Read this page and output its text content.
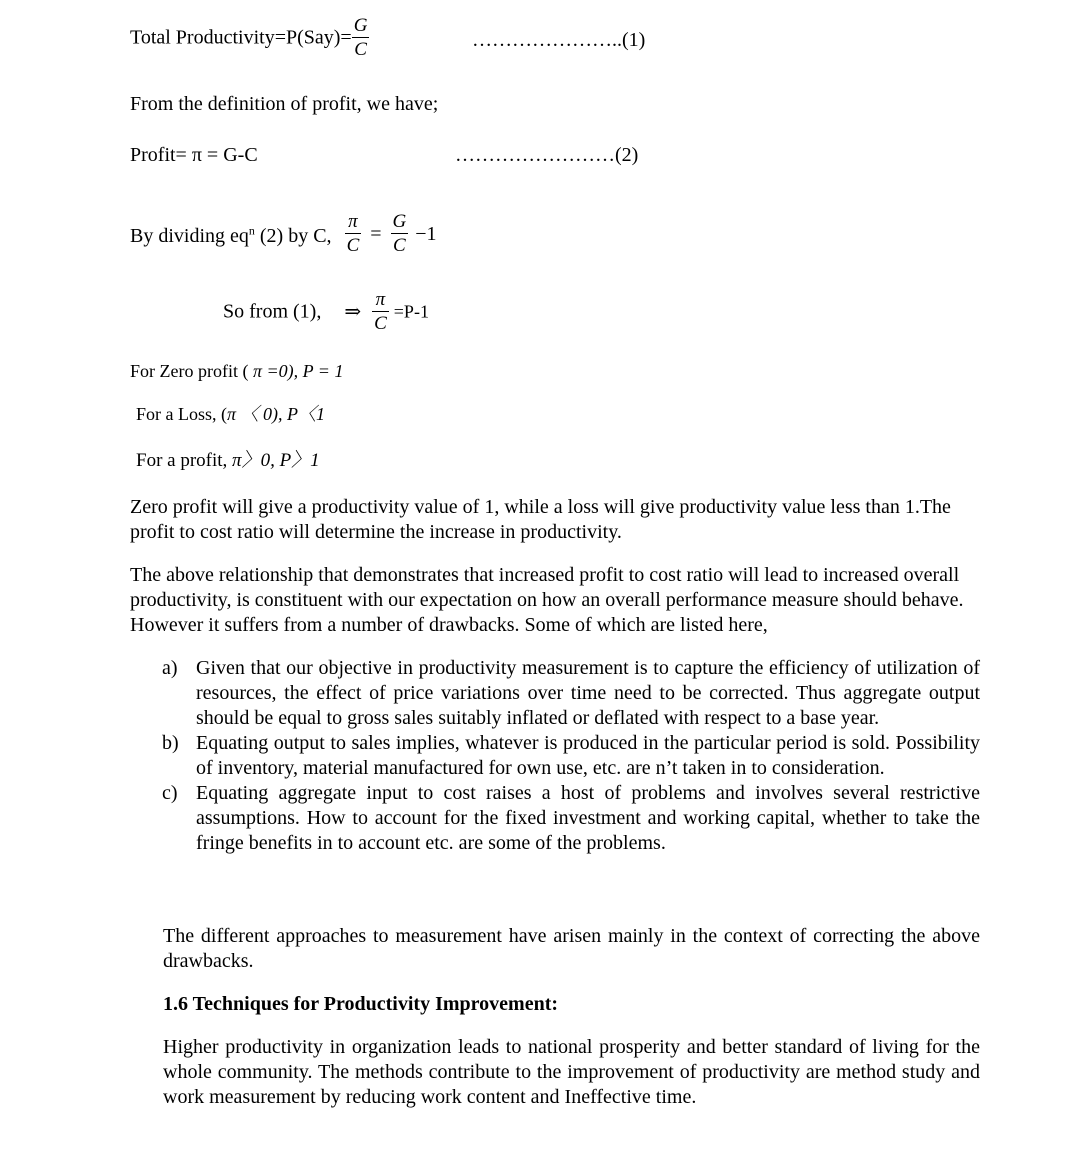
Total Productivity=P(Say)= $\frac{G}{C}$	…………………..(1)
From the definition of profit, we have;
Profit= π = G-C	……………………(2)
By dividing $eq^n$ (2) by C, $\frac{\pi}{C} = \frac{G}{C} -1$
So from (1), ⇒ $\frac{\pi}{C} =P-1$
For Zero profit ( π =0), P = 1
For a Loss, (π 〈 0), P〈1
For a profit, π〉0, P〉1
Zero profit will give a productivity value of 1, while a loss will give productivity value less than 1.The profit to cost ratio will determine the increase in productivity.
The above relationship that demonstrates that increased profit to cost ratio will lead to increased overall productivity, is constituent with our expectation on how an overall performance measure should behave. However it suffers from a number of drawbacks. Some of which are listed here,
a) Given that our objective in productivity measurement is to capture the efficiency of utilization of resources, the effect of price variations over time need to be corrected. Thus aggregate output should be equal to gross sales suitably inflated or deflated with respect to a base year.
b) Equating output to sales implies, whatever is produced in the particular period is sold. Possibility of inventory, material manufactured for own use, etc. are n’t taken in to consideration.
c) Equating aggregate input to cost raises a host of problems and involves several restrictive assumptions. How to account for the fixed investment and working capital, whether to take the fringe benefits in to account etc. are some of the problems.
The different approaches to measurement have arisen mainly in the context of correcting the above drawbacks.
1.6 Techniques for Productivity Improvement:
Higher productivity in organization leads to national prosperity and better standard of living for the whole community. The methods contribute to the improvement of productivity are method study and work measurement by reducing work content and Ineffective time.
